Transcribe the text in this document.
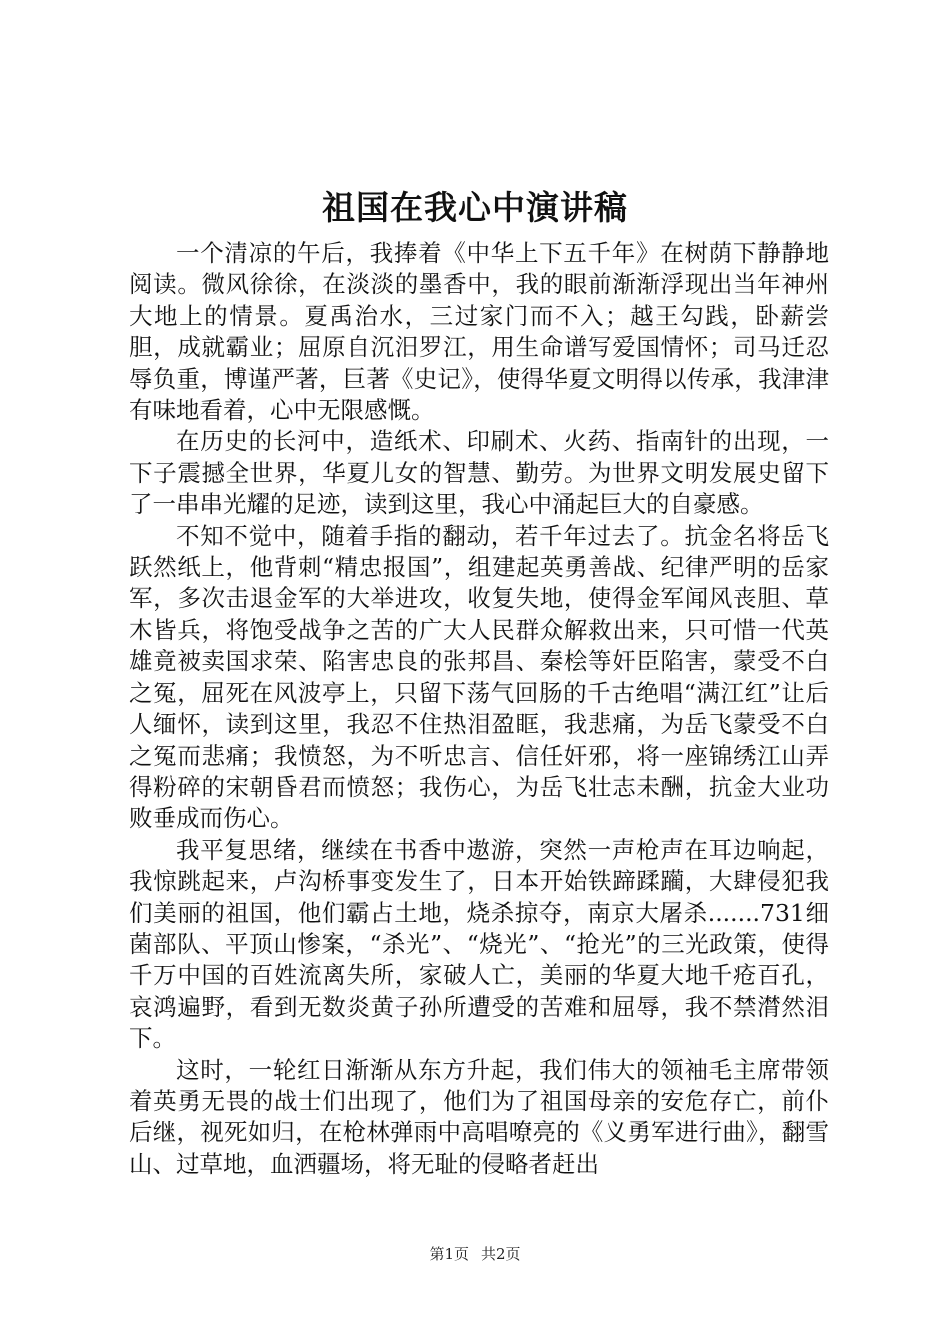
祖国在我心中演讲稿

一个清凉的午后，我捧着《中华上下五千年》在树荫下静静地阅读。微风徐徐，在淡淡的墨香中，我的眼前渐渐浮现出当年神州大地上的情景。夏禹治水，三过家门而不入；越王勾践，卧薪尝胆，成就霸业；屈原自沉汨罗江，用生命谱写爱国情怀；司马迁忍辱负重，博谨严著，巨著《史记》，使得华夏文明得以传承，我津津有味地看着，心中无限感慨。

在历史的长河中，造纸术、印刷术、火药、指南针的出现，一下子震撼全世界，华夏儿女的智慧、勤劳。为世界文明发展史留下了一串串光耀的足迹，读到这里，我心中涌起巨大的自豪感。

不知不觉中，随着手指的翻动，若千年过去了。抗金名将岳飞跃然纸上，他背刺“精忠报国”，组建起英勇善战、纪律严明的岳家军，多次击退金军的大举进攻，收复失地，使得金军闻风丧胆、草木皆兵，将饱受战争之苦的广大人民群众解救出来，只可惜一代英雄竟被卖国求荣、陷害忠良的张邦昌、秦桧等奸臣陷害，蒙受不白之冤，屈死在风波亭上，只留下荡气回肠的千古绝唱“满江红”让后人缅怀，读到这里，我忍不住热泪盈眶，我悲痛，为岳飞蒙受不白之冤而悲痛；我愤怒，为不听忠言、信任奸邪，将一座锦绣江山弄得粉碎的宋朝昏君而愤怒；我伤心，为岳飞壮志未酬，抗金大业功败垂成而伤心。

我平复思绪，继续在书香中遨游，突然一声枪声在耳边响起，我惊跳起来，卢沟桥事变发生了，日本开始铁蹄蹂躏，大肆侵犯我们美丽的祖国，他们霸占土地，烧杀掠夺，南京大屠杀.......731细菌部队、平顶山惨案，“杀光”、“烧光”、“抢光”的三光政策，使得千万中国的百姓流离失所，家破人亡，美丽的华夏大地千疮百孔，哀鸿遍野，看到无数炎黄子孙所遭受的苦难和屈辱，我不禁潸然泪下。

这时，一轮红日渐渐从东方升起，我们伟大的领袖毛主席带领着英勇无畏的战士们出现了，他们为了祖国母亲的安危存亡，前仆后继，视死如归，在枪林弹雨中高唱嘹亮的《义勇军进行曲》，翻雪山、过草地，血洒疆场，将无耻的侵略者赶出

第1页 共2页
